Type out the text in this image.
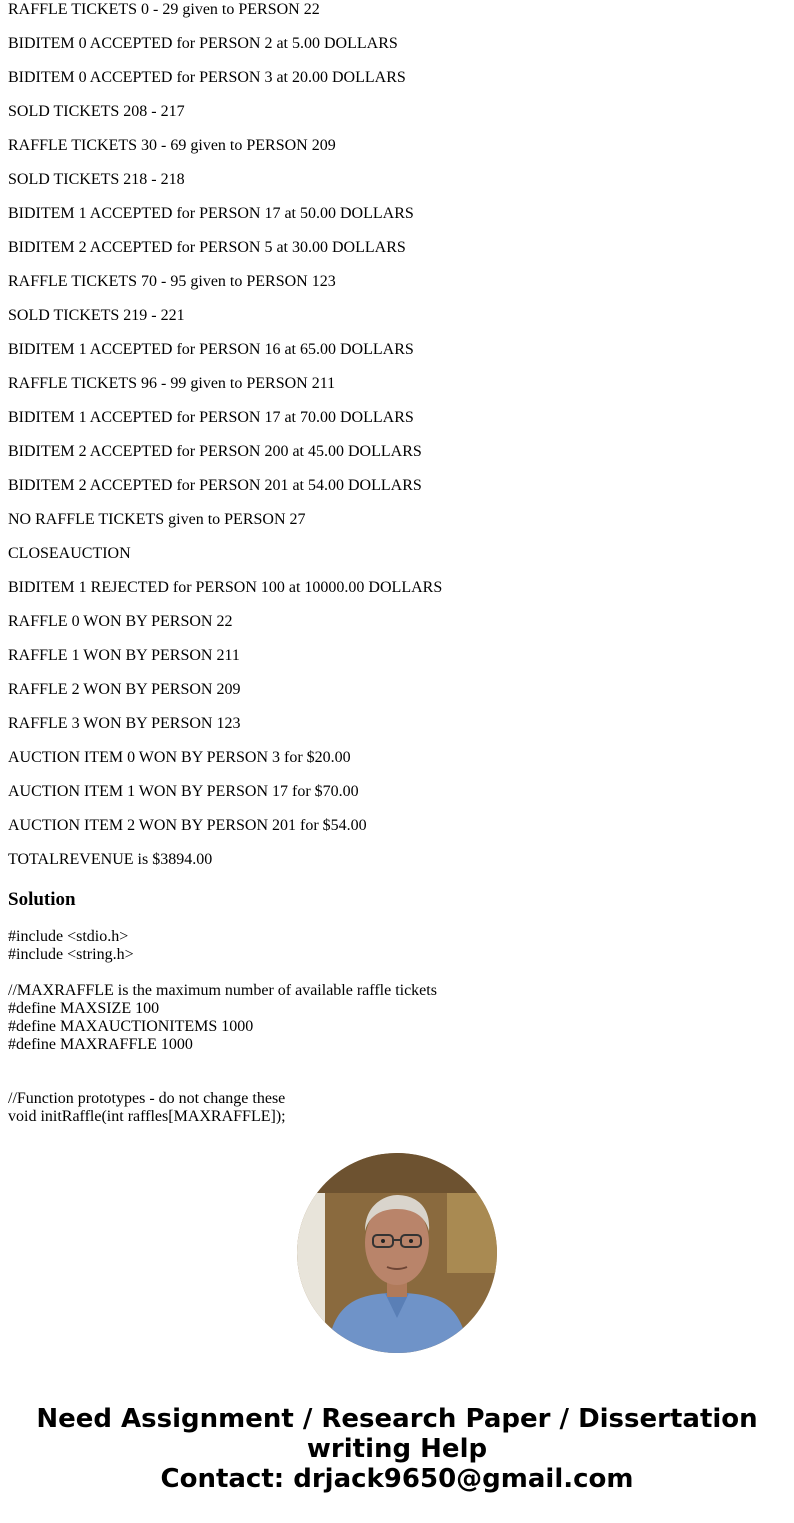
RAFFLE TICKETS 0 - 29 given to PERSON 22
BIDITEM 0 ACCEPTED for PERSON 2 at 5.00 DOLLARS
BIDITEM 0 ACCEPTED for PERSON 3 at 20.00 DOLLARS
SOLD TICKETS 208 - 217
RAFFLE TICKETS 30 - 69 given to PERSON 209
SOLD TICKETS 218 - 218
BIDITEM 1 ACCEPTED for PERSON 17 at 50.00 DOLLARS
BIDITEM 2 ACCEPTED for PERSON 5 at 30.00 DOLLARS
RAFFLE TICKETS 70 - 95 given to PERSON 123
SOLD TICKETS 219 - 221
BIDITEM 1 ACCEPTED for PERSON 16 at 65.00 DOLLARS
RAFFLE TICKETS 96 - 99 given to PERSON 211
BIDITEM 1 ACCEPTED for PERSON 17 at 70.00 DOLLARS
BIDITEM 2 ACCEPTED for PERSON 200 at 45.00 DOLLARS
BIDITEM 2 ACCEPTED for PERSON 201 at 54.00 DOLLARS
NO RAFFLE TICKETS given to PERSON 27
CLOSEAUCTION
BIDITEM 1 REJECTED for PERSON 100 at 10000.00 DOLLARS
RAFFLE 0 WON BY PERSON 22
RAFFLE 1 WON BY PERSON 211
RAFFLE 2 WON BY PERSON 209
RAFFLE 3 WON BY PERSON 123
AUCTION ITEM 0 WON BY PERSON 3 for $20.00
AUCTION ITEM 1 WON BY PERSON 17 for $70.00
AUCTION ITEM 2 WON BY PERSON 201 for $54.00
TOTALREVENUE is $3894.00
Solution
#include <stdio.h>
#include <string.h>
//MAXRAFFLE is the maximum number of available raffle tickets
#define MAXSIZE 100
#define MAXAUCTIONITEMS 1000
#define MAXRAFFLE 1000
//Function prototypes - do not change these
void initRaffle(int raffles[MAXRAFFLE]);
Need Assignment / Research Paper / Dissertation
writing Help
Contact: drjack9650@gmail.com
